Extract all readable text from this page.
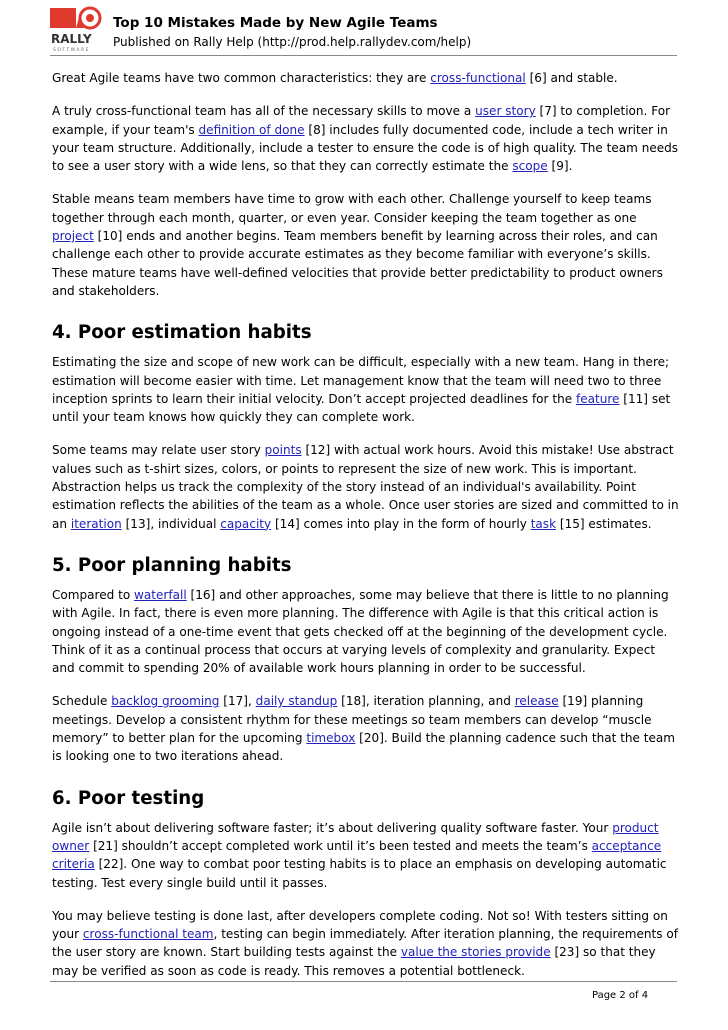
RALLY
SOFTWARE
Top 10 Mistakes Made by New Agile Teams
Published on Rally Help (http://prod.help.rallydev.com/help)

Great Agile teams have two common characteristics: they are cross-functional [6] and stable.

A truly cross-functional team has all of the necessary skills to move a user story [7] to completion. For example, if your team's definition of done [8] includes fully documented code, include a tech writer in your team structure. Additionally, include a tester to ensure the code is of high quality. The team needs to see a user story with a wide lens, so that they can correctly estimate the scope [9].

Stable means team members have time to grow with each other. Challenge yourself to keep teams together through each month, quarter, or even year. Consider keeping the team together as one project [10] ends and another begins. Team members benefit by learning across their roles, and can challenge each other to provide accurate estimates as they become familiar with everyone’s skills. These mature teams have well-defined velocities that provide better predictability to product owners and stakeholders.

4. Poor estimation habits

Estimating the size and scope of new work can be difficult, especially with a new team. Hang in there; estimation will become easier with time. Let management know that the team will need two to three inception sprints to learn their initial velocity. Don’t accept projected deadlines for the feature [11] set until your team knows how quickly they can complete work.

Some teams may relate user story points [12] with actual work hours. Avoid this mistake! Use abstract values such as t-shirt sizes, colors, or points to represent the size of new work. This is important. Abstraction helps us track the complexity of the story instead of an individual's availability. Point estimation reflects the abilities of the team as a whole. Once user stories are sized and committed to in an iteration [13], individual capacity [14] comes into play in the form of hourly task [15] estimates.

5. Poor planning habits

Compared to waterfall [16] and other approaches, some may believe that there is little to no planning with Agile. In fact, there is even more planning. The difference with Agile is that this critical action is ongoing instead of a one-time event that gets checked off at the beginning of the development cycle. Think of it as a continual process that occurs at varying levels of complexity and granularity. Expect and commit to spending 20% of available work hours planning in order to be successful.

Schedule backlog grooming [17], daily standup [18], iteration planning, and release [19] planning meetings. Develop a consistent rhythm for these meetings so team members can develop “muscle memory” to better plan for the upcoming timebox [20]. Build the planning cadence such that the team is looking one to two iterations ahead.

6. Poor testing

Agile isn’t about delivering software faster; it’s about delivering quality software faster. Your product owner [21] shouldn’t accept completed work until it’s been tested and meets the team’s acceptance criteria [22]. One way to combat poor testing habits is to place an emphasis on developing automatic testing. Test every single build until it passes.

You may believe testing is done last, after developers complete coding. Not so! With testers sitting on your cross-functional team, testing can begin immediately. After iteration planning, the requirements of the user story are known. Start building tests against the value the stories provide [23] so that they may be verified as soon as code is ready. This removes a potential bottleneck.

Page 2 of 4
